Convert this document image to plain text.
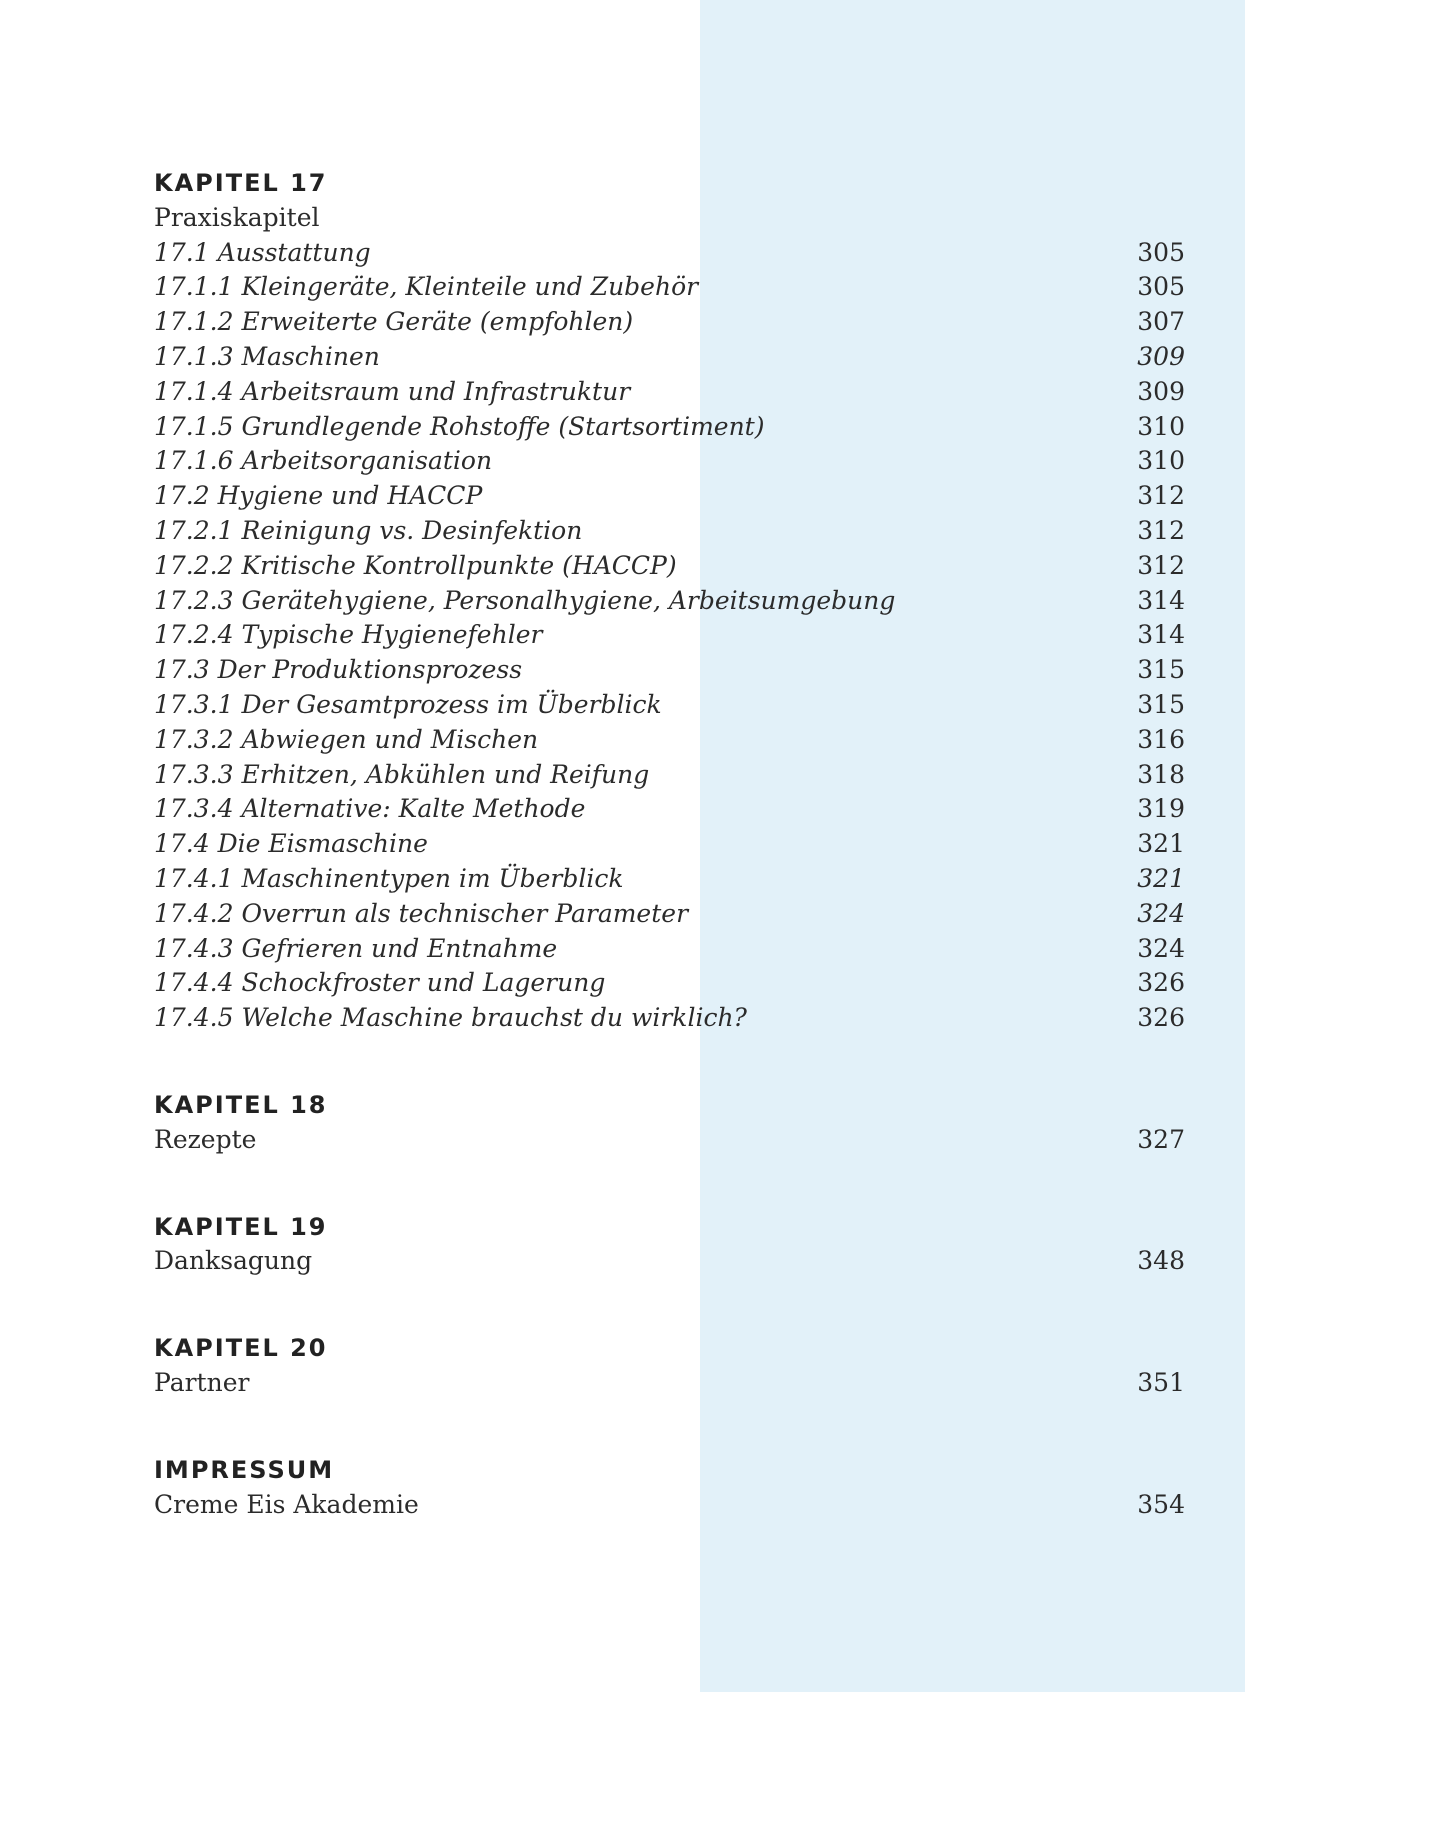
KAPITEL 17
Praxiskapitel
17.1 Ausstattung	305
17.1.1 Kleingeräte, Kleinteile und Zubehör	305
17.1.2 Erweiterte Geräte (empfohlen)	307
17.1.3 Maschinen	309
17.1.4 Arbeitsraum und Infrastruktur	309
17.1.5 Grundlegende Rohstoffe (Startsortiment)	310
17.1.6 Arbeitsorganisation	310
17.2 Hygiene und HACCP	312
17.2.1 Reinigung vs. Desinfektion	312
17.2.2 Kritische Kontrollpunkte (HACCP)	312
17.2.3 Gerätehygiene, Personalhygiene, Arbeitsumgebung	314
17.2.4 Typische Hygienefehler	314
17.3 Der Produktionsprozess	315
17.3.1 Der Gesamtprozess im Überblick	315
17.3.2 Abwiegen und Mischen	316
17.3.3 Erhitzen, Abkühlen und Reifung	318
17.3.4 Alternative: Kalte Methode	319
17.4 Die Eismaschine	321
17.4.1 Maschinentypen im Überblick	321
17.4.2 Overrun als technischer Parameter	324
17.4.3 Gefrieren und Entnahme	324
17.4.4 Schockfroster und Lagerung	326
17.4.5 Welche Maschine brauchst du wirklich?	326
KAPITEL 18
Rezepte	327
KAPITEL 19
Danksagung	348
KAPITEL 20
Partner	351
IMPRESSUM
Creme Eis Akademie	354
